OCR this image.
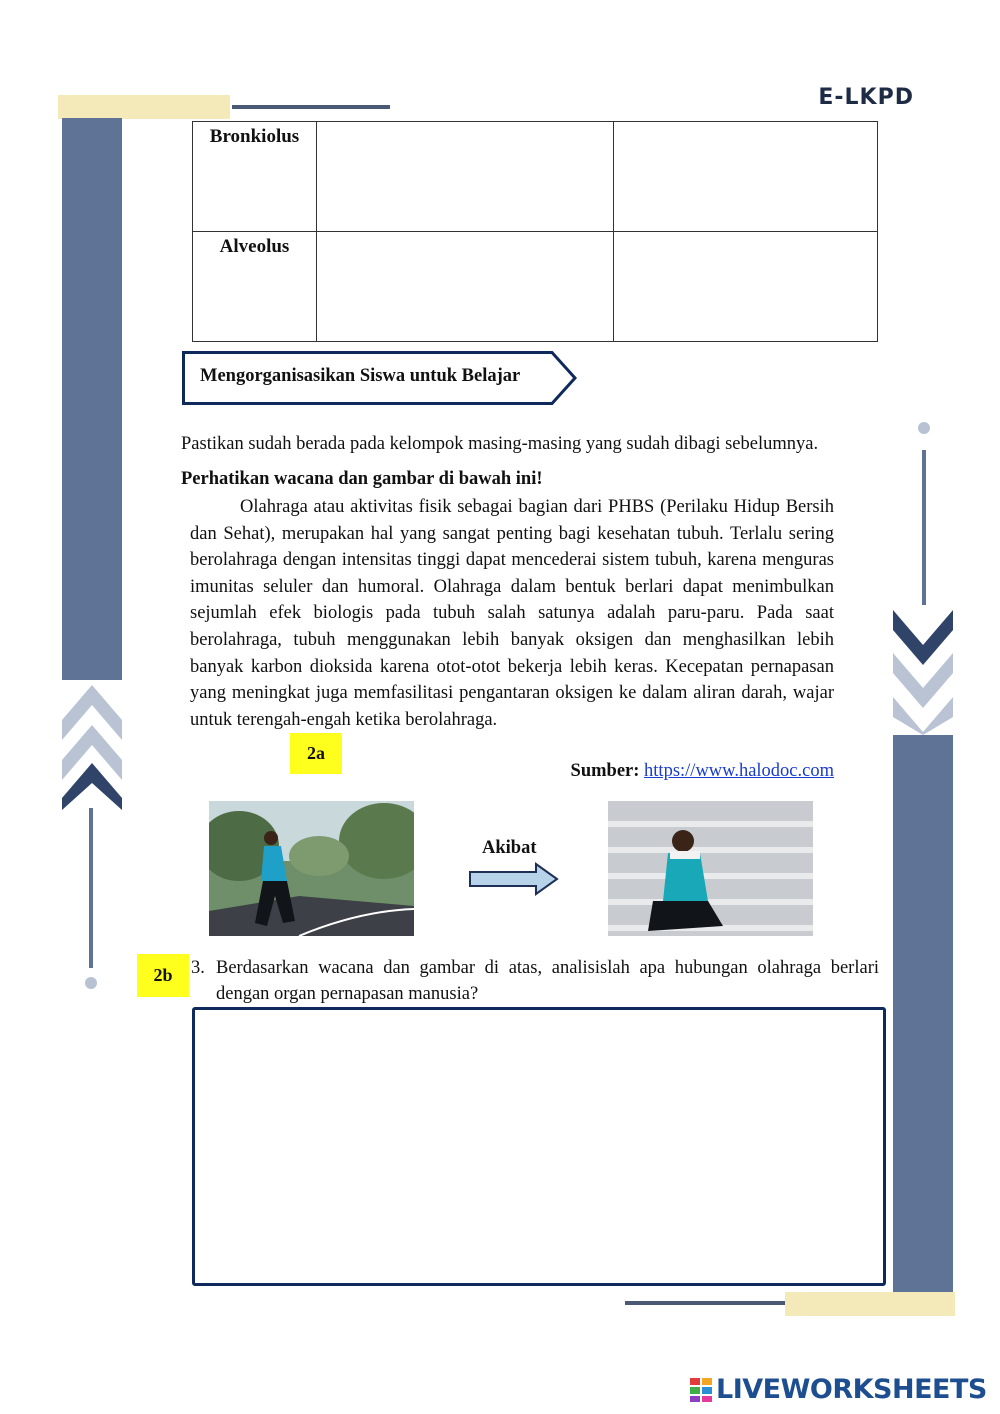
E-LKPD
Bronkiolus		
Alveolus		
Mengorganisasikan Siswa untuk Belajar
Pastikan sudah berada pada kelompok masing-masing yang sudah dibagi sebelumnya.
Perhatikan wacana dan gambar di bawah ini!
Olahraga atau aktivitas fisik sebagai bagian dari PHBS (Perilaku Hidup Bersih dan Sehat), merupakan hal yang sangat penting bagi kesehatan tubuh. Terlalu sering berolahraga dengan intensitas tinggi dapat mencederai sistem tubuh, karena menguras imunitas seluler dan humoral. Olahraga dalam bentuk berlari dapat menimbulkan sejumlah efek biologis pada tubuh salah satunya adalah paru-paru. Pada saat berolahraga, tubuh menggunakan lebih banyak oksigen dan menghasilkan lebih banyak karbon dioksida karena otot-otot bekerja lebih keras. Kecepatan pernapasan yang meningkat juga memfasilitasi pengantaran oksigen ke dalam aliran darah, wajar untuk terengah-engah ketika berolahraga.
2a
Sumber: https://www.halodoc.com
Akibat
2b	3. Berdasarkan wacana dan gambar di atas, analisislah apa hubungan olahraga berlari dengan organ pernapasan manusia?
LIVEWORKSHEETS
